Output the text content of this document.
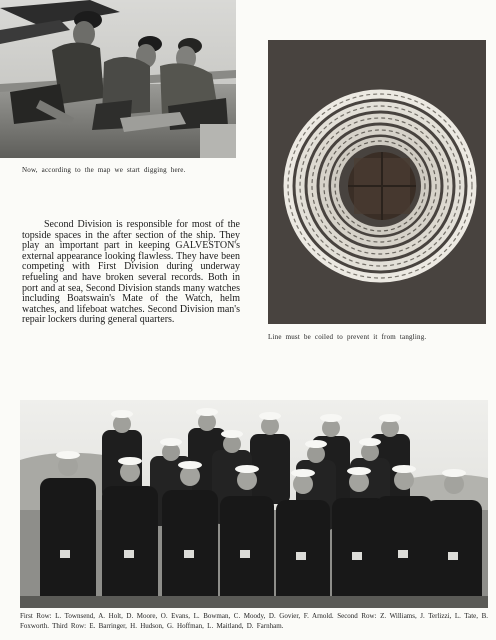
Now, according to the map we start digging here.
Line must be coiled to prevent it from tangling.

Second Division is responsible for most of the topside spaces in the after section of the ship. They play an important part in keeping GALVESTON's external appearance looking flawless. They have been competing with First Division during underway refueling and have broken several records. Both in port and at sea, Second Division stands many watches including Boatswain's Mate of the Watch, helm watches, and lifeboat watches. Second Division man's repair lockers during general quarters.

First Row: L. Townsend, A. Holt, D. Moore, O. Evans, L. Bowman, C. Moody, D. Govier, F. Arnold. Second Row: Z. Williams, J. Terlizzi, L. Tate, B. Foxworth. Third Row: E. Barringer, H. Hudson, G. Hoffman, L. Maitland, D. Farnham.
